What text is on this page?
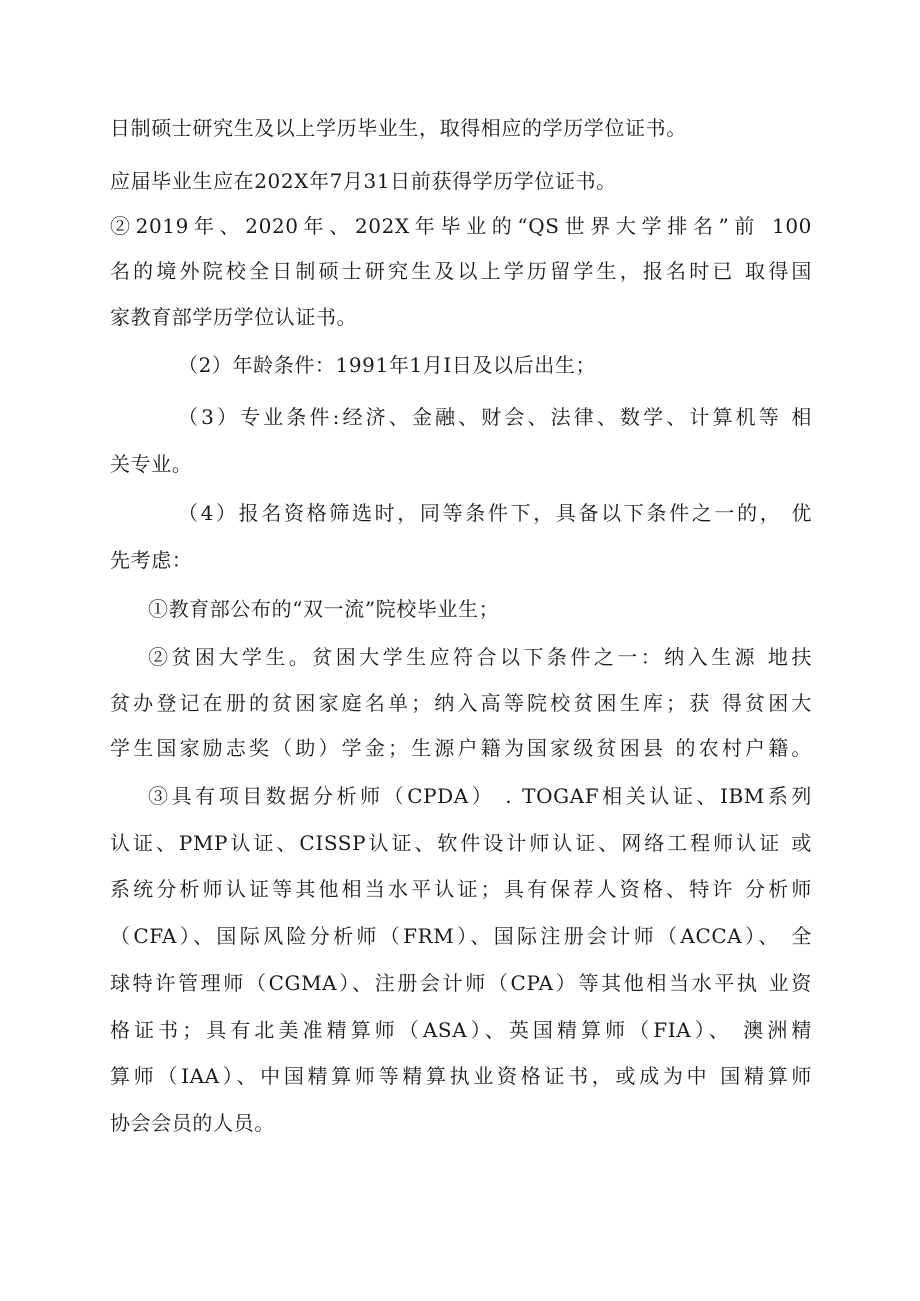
日制硕士研究生及以上学历毕业生，取得相应的学历学位证书。
应届毕业生应在202X年7月31日前获得学历学位证书。
②2019年、2020年、202X年毕业的“QS世界大学排名”前 100
名的境外院校全日制硕士研究生及以上学历留学生，报名时已 取得国
家教育部学历学位认证书。
（2）年龄条件：1991年1月I日及以后出生；
（3）专业条件:经济、金融、财会、法律、数学、计算机等 相
关专业。
（4）报名资格筛选时，同等条件下，具备以下条件之一的， 优
先考虑：
①教育部公布的“双一流”院校毕业生；
②贫困大学生。贫困大学生应符合以下条件之一：纳入生源 地扶
贫办登记在册的贫困家庭名单；纳入高等院校贫困生库；获 得贫困大
学生国家励志奖（助）学金；生源户籍为国家级贫困县 的农村户籍。
③具有项目数据分析师（CPDA） . TOGAF相关认证、IBM系列
认证、PMP认证、CISSP认证、软件设计师认证、网络工程师认证 或
系统分析师认证等其他相当水平认证；具有保荐人资格、特许 分析师
（CFA）、国际风险分析师（FRM）、国际注册会计师（ACCA）、 全
球特许管理师（CGMA）、注册会计师（CPA）等其他相当水平执 业资
格证书；具有北美准精算师（ASA）、英国精算师（FIA）、 澳洲精
算师（IAA）、中国精算师等精算执业资格证书，或成为中 国精算师
协会会员的人员。
